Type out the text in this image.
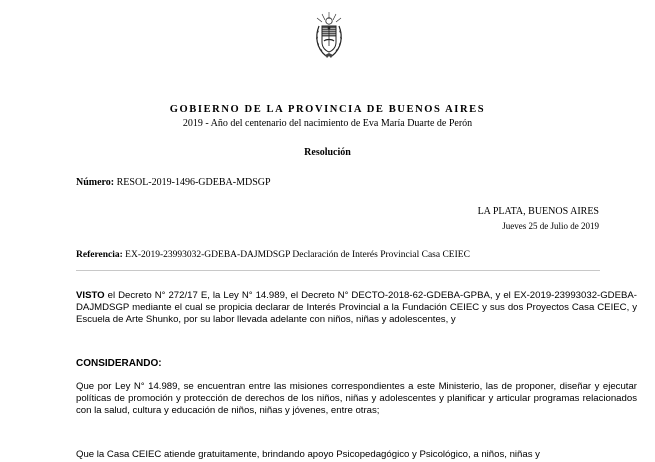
GOBIERNO DE LA PROVINCIA DE BUENOS AIRES
2019 - Año del centenario del nacimiento de Eva María Duarte de Perón
Resolución
Número: RESOL-2019-1496-GDEBA-MDSGP
LA PLATA, BUENOS AIRES
Jueves 25 de Julio de 2019
Referencia: EX-2019-23993032-GDEBA-DAJMDSGP Declaración de Interés Provincial Casa CEIEC
VISTO el Decreto N° 272/17 E, la Ley N° 14.989, el Decreto N° DECTO-2018-62-GDEBA-GPBA, y el EX-2019-23993032-GDEBA-DAJMDSGP mediante el cual se propicia declarar de Interés Provincial a la Fundación CEIEC y sus dos Proyectos Casa CEIEC, y Escuela de Arte Shunko, por su labor llevada adelante con niños, niñas y adolescentes, y
CONSIDERANDO:
Que por Ley N° 14.989, se encuentran entre las misiones correspondientes a este Ministerio, las de proponer, diseñar y ejecutar políticas de promoción y protección de derechos de los niños, niñas y adolescentes y planificar y articular programas relacionados con la salud, cultura y educación de niños, niñas y jóvenes, entre otras;
Que la Casa CEIEC atiende gratuitamente, brindando apoyo Psicopedagógico y Psicológico, a niños, niñas y
